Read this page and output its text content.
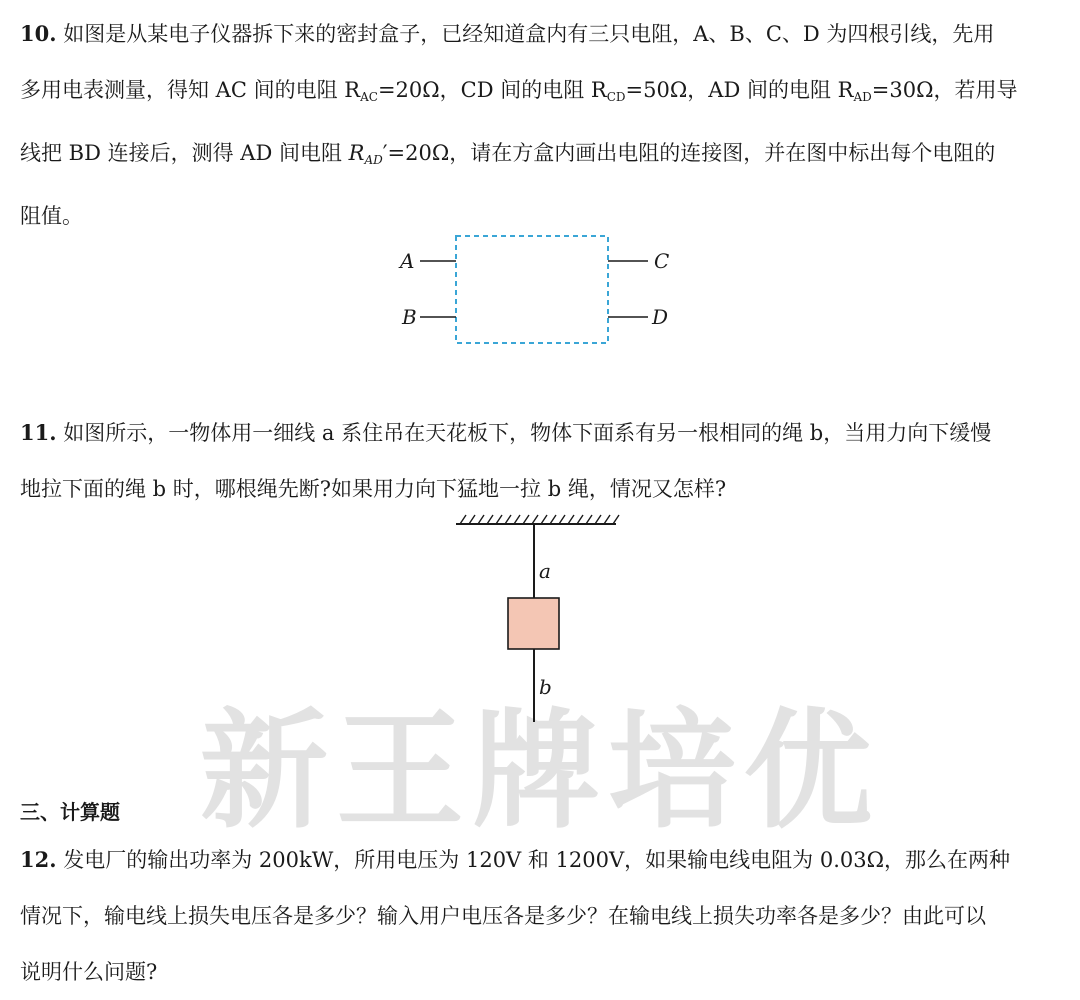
10. 如图是从某电子仪器拆下来的密封盒子，已经知道盒内有三只电阻，A、B、C、D 为四根引线，先用
多用电表测量，得知 AC 间的电阻 $R_{AC}=20\Omega$，CD 间的电阻 $R_{CD}=50\Omega$，AD 间的电阻 $R_{AD}=30\Omega$，若用导
线把 BD 连接后，测得 AD 间电阻 $R_{AD}'=20\Omega$，请在方盒内画出电阻的连接图，并在图中标出每个电阻的
阻值。
A
B
C
D
11. 如图所示，一物体用一细线 a 系住吊在天花板下，物体下面系有另一根相同的绳 b，当用力向下缓慢
地拉下面的绳 b 时，哪根绳先断?如果用力向下猛地一拉 b 绳，情况又怎样?
新王牌培优
a
b
三、计算题
12. 发电厂的输出功率为 200kW，所用电压为 120V 和 1200V，如果输电线电阻为 0.03Ω，那么在两种
情况下，输电线上损失电压各是多少？输入用户电压各是多少？在输电线上损失功率各是多少？由此可以
说明什么问题?
